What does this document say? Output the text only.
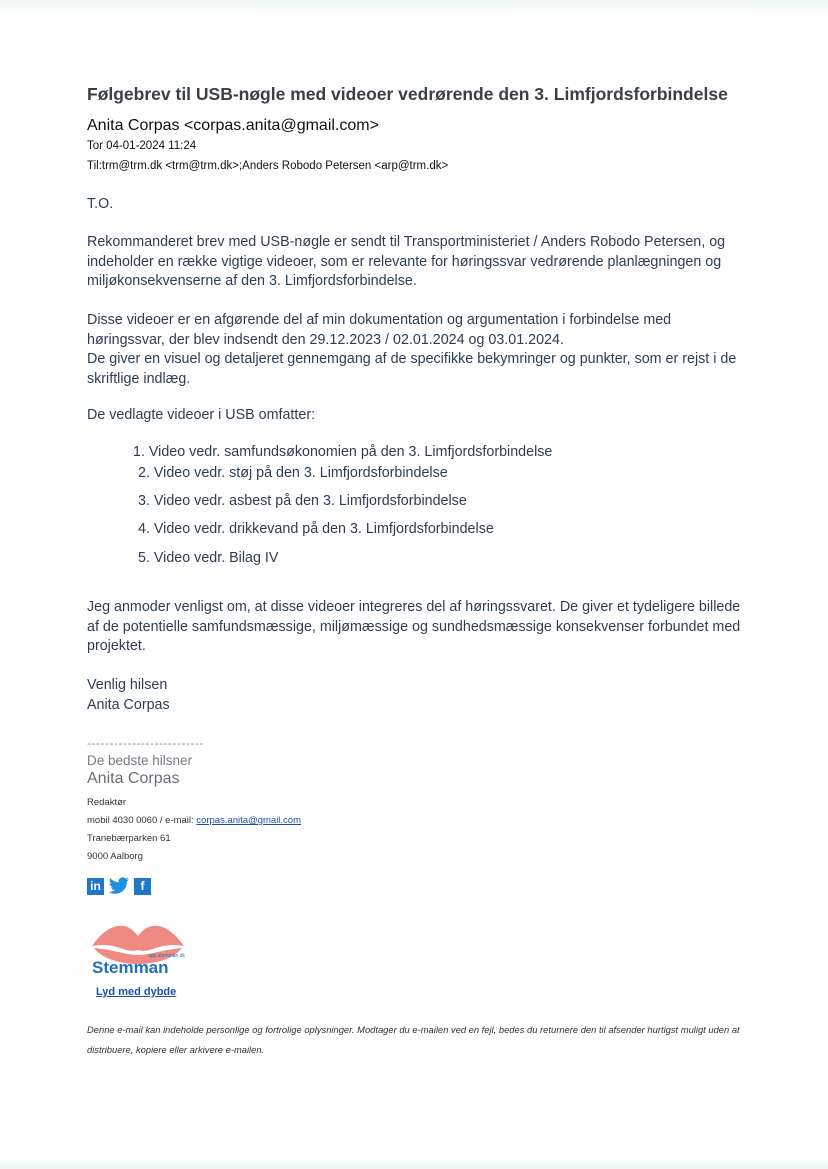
Følgebrev til USB-nøgle med videoer vedrørende den 3. Limfjordsforbindelse
Anita Corpas <corpas.anita@gmail.com>
Tor 04-01-2024 11:24
Til:trm@trm.dk <trm@trm.dk>;Anders Robodo Petersen <arp@trm.dk>
T.O.
Rekommanderet brev med USB-nøgle er sendt til Transportministeriet / Anders Robodo Petersen, og indeholder en række vigtige videoer, som er relevante for høringssvar vedrørende planlægningen og miljøkonsekvenserne af den 3. Limfjordsforbindelse.
Disse videoer er en afgørende del af min dokumentation og argumentation i forbindelse med høringssvar, der blev indsendt den 29.12.2023 / 02.01.2024 og 03.01.2024.
De giver en visuel og detaljeret gennemgang af de specifikke bekymringer og punkter, som er rejst i de skriftlige indlæg.
De vedlagte videoer i USB omfatter:
1. Video vedr. samfundsøkonomien på den 3. Limfjordsforbindelse
2. Video vedr. støj på den 3. Limfjordsforbindelse
3. Video vedr. asbest på den 3. Limfjordsforbindelse
4. Video vedr. drikkevand på den 3. Limfjordsforbindelse
5. Video vedr. Bilag IV
Jeg anmoder venligst om, at disse videoer integreres del af høringssvaret. De giver et tydeligere billede af de potentielle samfundsmæssige, miljømæssige og sundhedsmæssige konsekvenser forbundet med projektet.
Venlig hilsen
Anita Corpas
--------------------------
De bedste hilsner
Anita Corpas
Redaktør
mobil 4030 0060 / e-mail: corpas.anita@gmail.com
Tranebærparken 61
9000 Aalborg
in	f
app.stemman.dk
Stemman
Lyd med dybde
Denne e-mail kan indeholde personlige og fortrolige oplysninger. Modtager du e-mailen ved en fejl, bedes du returnere den til afsender hurtigst muligt uden at distribuere, kopiere eller arkivere e-mailen.
